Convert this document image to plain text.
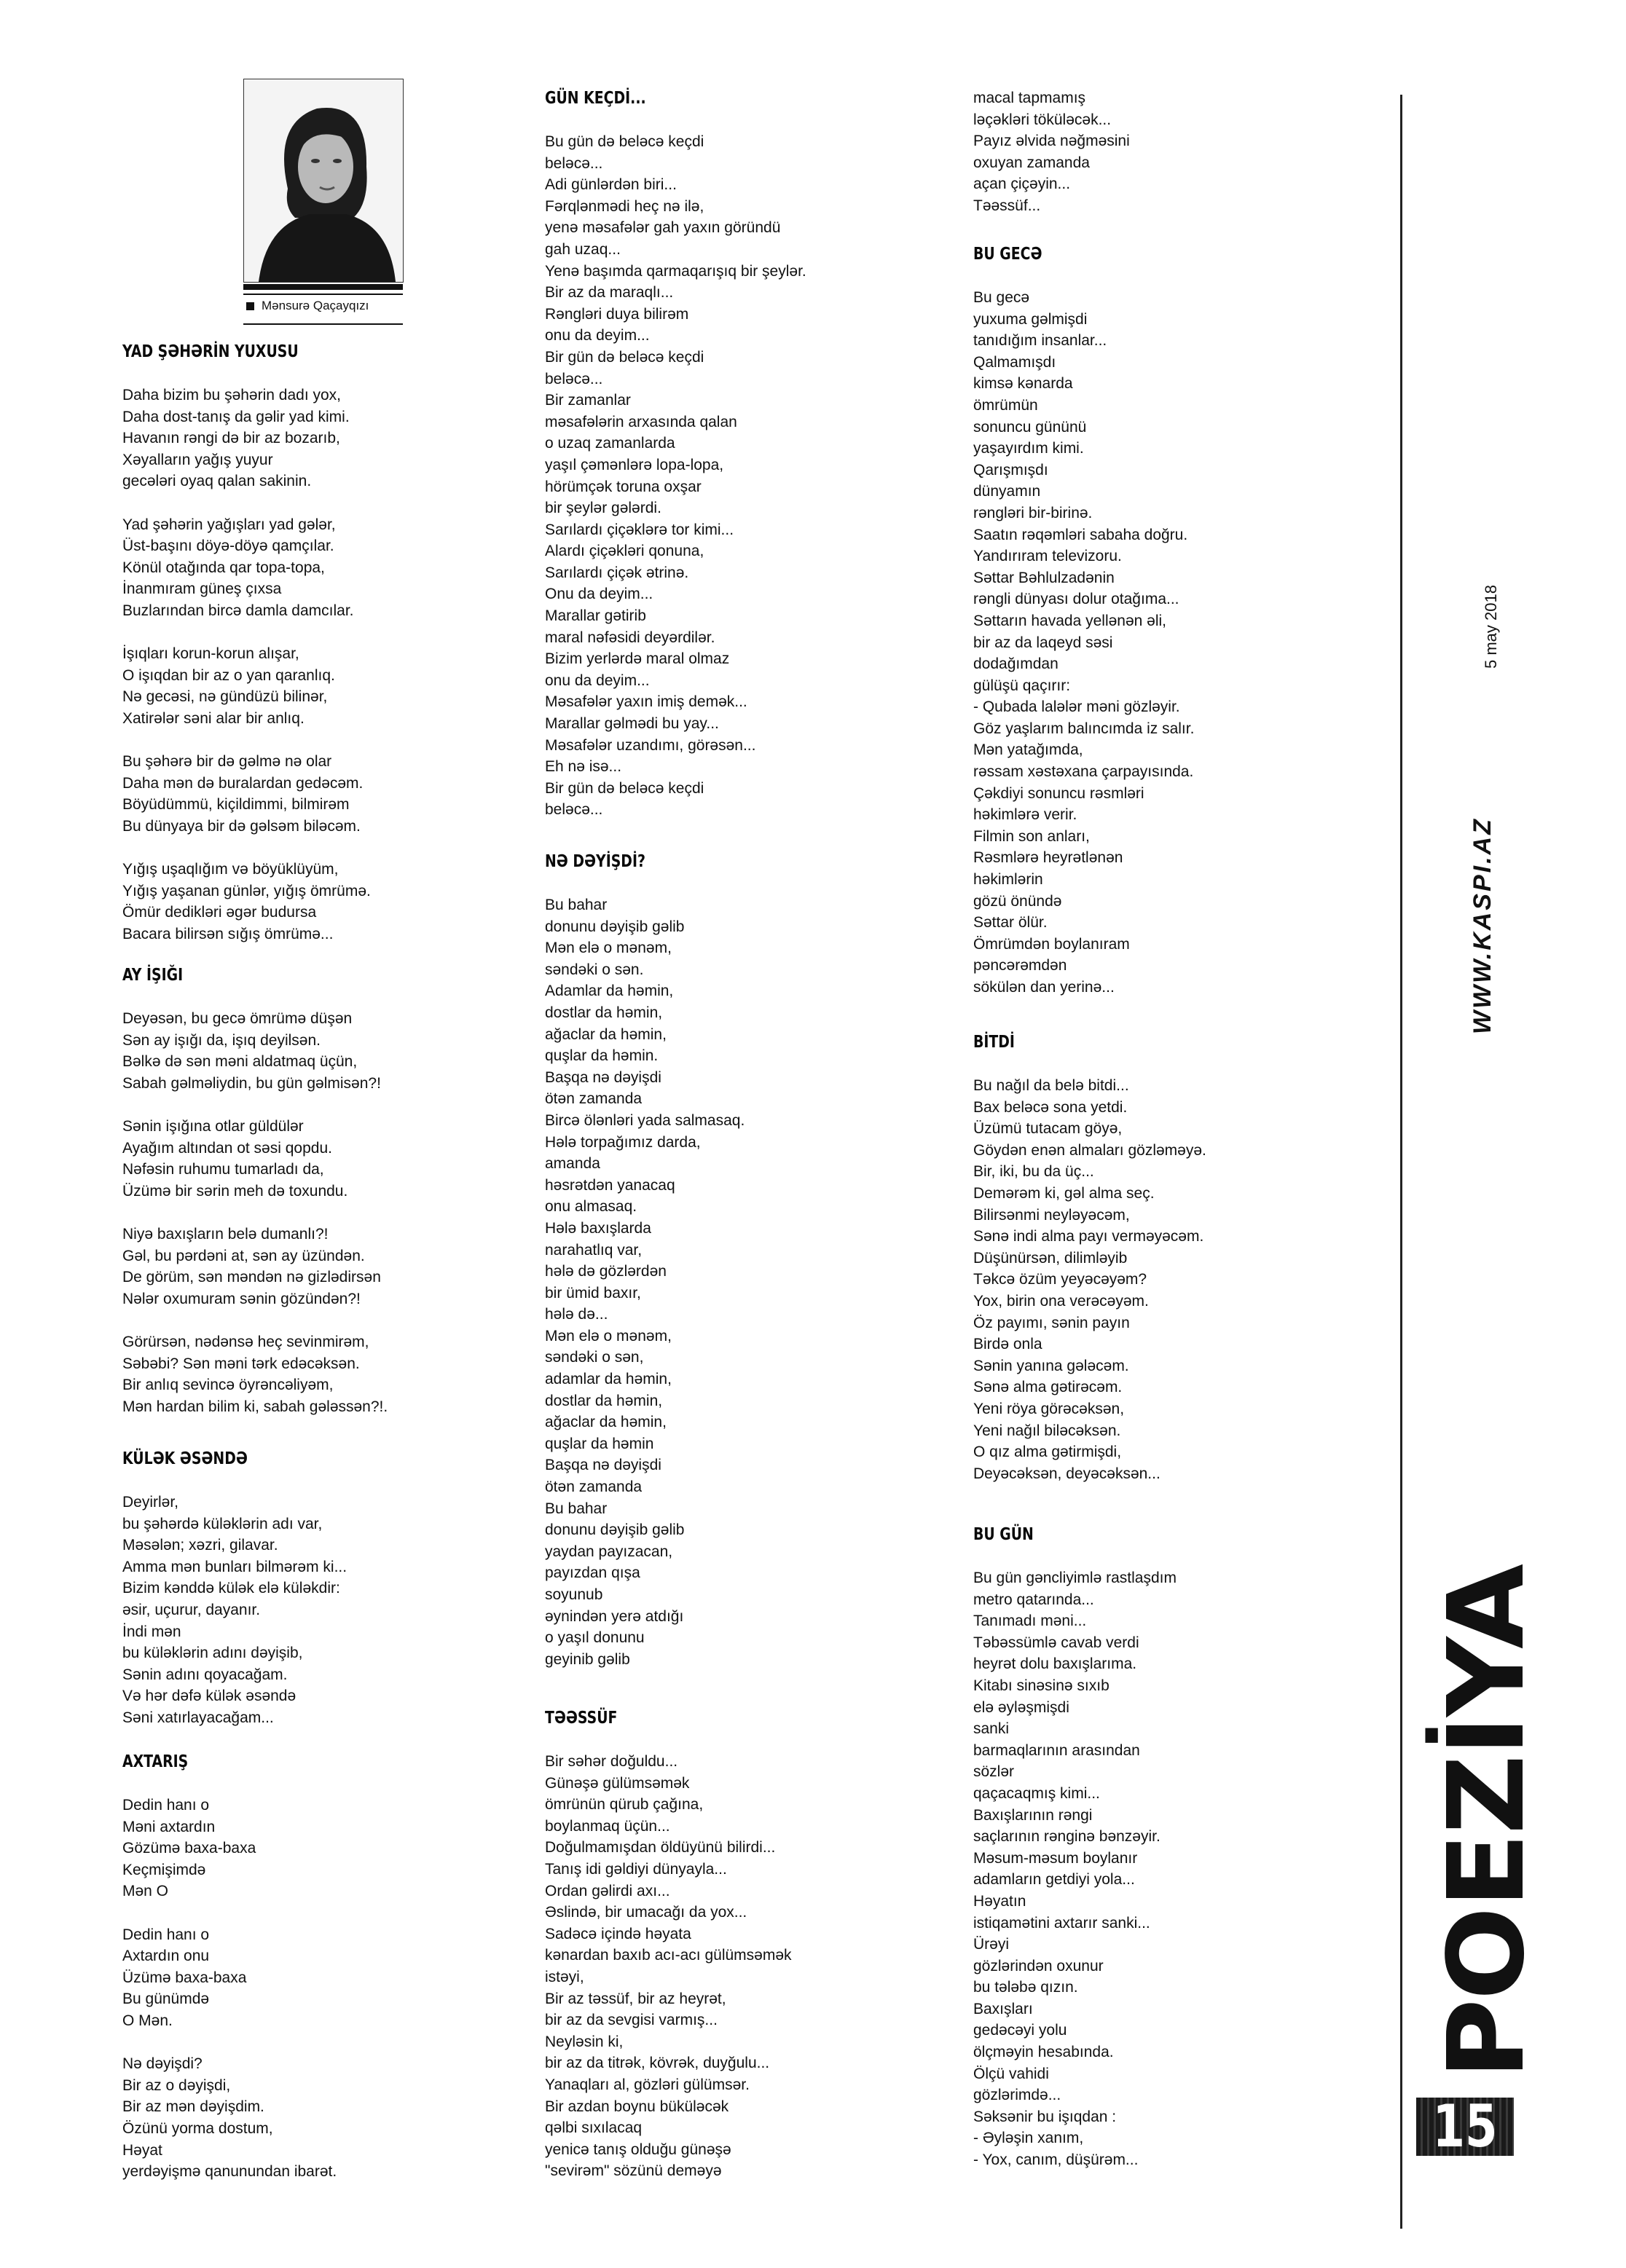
Mənsurə Qaçayqızı
YAD ŞƏHƏRİN YUXUSU
Daha bizim bu şəhərin dadı yox,
Daha dost-tanış da gəlir yad kimi.
Havanın rəngi də bir az bozarıb,
Xəyalların yağış yuyur
gecələri oyaq qalan sakinin.
Yad şəhərin yağışları yad gələr,
Üst-başını döyə-döyə qamçılar.
Könül otağında qar topa-topa,
İnanmıram güneş çıxsa
Buzlarından bircə damla damcılar.
İşıqları korun-korun alışar,
O işıqdan bir az o yan qaranlıq.
Nə gecəsi, nə gündüzü bilinər,
Xatirələr səni alar bir anlıq.
Bu şəhərə bir də gəlmə nə olar
Daha mən də buralardan gedəcəm.
Böyüdümmü, kiçildimmi, bilmirəm
Bu dünyaya bir də gəlsəm biləcəm.
Yığış uşaqlığım və böyüklüyüm,
Yığış yaşanan günlər, yığış ömrümə.
Ömür dedikləri əgər budursa
Bacara bilirsən sığış ömrümə...
AY İŞIĞI
Deyəsən, bu gecə ömrümə düşən
Sən ay işığı da, işıq deyilsən.
Bəlkə də sən məni aldatmaq üçün,
Sabah gəlməliydin, bu gün gəlmisən?!
Sənin işığına otlar güldülər
Ayağım altından ot səsi qopdu.
Nəfəsin ruhumu tumarladı da,
Üzümə bir sərin meh də toxundu.
Niyə baxışların belə dumanlı?!
Gəl, bu pərdəni at, sən ay üzündən.
De görüm, sən məndən nə gizlədirsən
Nələr oxumuram sənin gözündən?!
Görürsən, nədənsə heç sevinmirəm,
Səbəbi? Sən məni tərk edəcəksən.
Bir anlıq sevincə öyrəncəliyəm,
Mən hardan bilim ki, sabah gələssən?!.
KÜLƏK ƏSƏNDƏ
Deyirlər,
bu şəhərdə küləklərin adı var,
Məsələn; xəzri, gilavar.
Amma mən bunları bilmərəm ki...
Bizim kənddə külək elə küləkdir:
əsir, uçurur, dayanır.
İndi mən
bu küləklərin adını dəyişib,
Sənin adını qoyacağam.
Və hər dəfə külək əsəndə
Səni xatırlayacağam...
AXTARIŞ
Dedin hanı o
Məni axtardın
Gözümə baxa-baxa
Keçmişimdə
Mən O
Dedin hanı o
Axtardın onu
Üzümə baxa-baxa
Bu günümdə
O Mən.
Nə dəyişdi?
Bir az o dəyişdi,
Bir az mən dəyişdim.
Özünü yorma dostum,
Həyat
yerdəyişmə qanunundan ibarət.
GÜN KEÇDİ...
Bu gün də beləcə keçdi
beləcə...
Adi günlərdən biri...
Fərqlənmədi heç nə ilə,
yenə məsafələr gah yaxın göründü
gah uzaq...
Yenə başımda qarmaqarışıq bir şeylər.
Bir az da maraqlı...
Rəngləri duya bilirəm
onu da deyim...
Bir gün də beləcə keçdi
beləcə...
Bir zamanlar
məsafələrin arxasında qalan
o uzaq zamanlarda
yaşıl çəmənlərə lopa-lopa,
hörümçək toruna oxşar
bir şeylər gələrdi.
Sarılardı çiçəklərə tor kimi...
Alardı çiçəkləri qonuna,
Sarılardı çiçək ətrinə.
Onu da deyim...
Marallar gətirib
maral nəfəsidi deyərdilər.
Bizim yerlərdə maral olmaz
onu da deyim...
Məsafələr yaxın imiş demək...
Marallar gəlmədi bu yay...
Məsafələr uzandımı, görəsən...
Eh nə isə...
Bir gün də beləcə keçdi
beləcə...
NƏ DƏYİŞDİ?
Bu bahar
donunu dəyişib gəlib
Mən elə o mənəm,
səndəki o sən.
Adamlar da həmin,
dostlar da həmin,
ağaclar da həmin,
quşlar da həmin.
Başqa nə dəyişdi
ötən zamanda
Bircə ölənləri yada salmasaq.
Hələ torpağımız darda,
amanda
həsrətdən yanacaq
onu almasaq.
Hələ baxışlarda
narahatlıq var,
hələ də gözlərdən
bir ümid baxır,
hələ də...
Mən elə o mənəm,
səndəki o sən,
adamlar da həmin,
dostlar da həmin,
ağaclar da həmin,
quşlar da həmin
Başqa nə dəyişdi
ötən zamanda
Bu bahar
donunu dəyişib gəlib
yaydan payızacan,
payızdan qışa
soyunub
əynindən yerə atdığı
o yaşıl donunu
geyinib gəlib
TƏƏSSÜF
Bir səhər doğuldu...
Günəşə gülümsəmək
ömrünün qürub çağına,
boylanmaq üçün...
Doğulmamışdan öldüyünü bilirdi...
Tanış idi gəldiyi dünyayla...
Ordan gəlirdi axı...
Əslində, bir umacağı da yox...
Sadəcə içində həyata
kənardan baxıb acı-acı gülümsəmək
istəyi,
Bir az təssüf, bir az heyrət,
bir az da sevgisi varmış...
Neyləsin ki,
bir az da titrək, kövrək, duyğulu...
Yanaqları al, gözləri gülümsər.
Bir azdan boynu büküləcək
qəlbi sıxılacaq
yenicə tanış olduğu günəşə
"sevirəm" sözünü deməyə
macal tapmamış
ləçəkləri töküləcək...
Payız əlvida nəğməsini
oxuyan zamanda
açan çiçəyin...
Təəssüf...
BU GECƏ
Bu gecə
yuxuma gəlmişdi
tanıdığım insanlar...
Qalmamışdı
kimsə kənarda
ömrümün
sonuncu gününü
yaşayırdım kimi.
Qarışmışdı
dünyamın
rəngləri bir-birinə.
Saatın rəqəmləri sabaha doğru.
Yandırıram televizoru.
Səttar Bəhlulzadənin
rəngli dünyası dolur otağıma...
Səttarın havada yellənən əli,
bir az da laqeyd səsi
dodağımdan
gülüşü qaçırır:
- Qubada lalələr məni gözləyir.
Göz yaşlarım balıncımda iz salır.
Mən yatağımda,
rəssam xəstəxana çarpayısında.
Çəkdiyi sonuncu rəsmləri
həkimlərə verir.
Filmin son anları,
Rəsmlərə heyrətlənən
həkimlərin
gözü önündə
Səttar ölür.
Ömrümdən boylanıram
pəncərəmdən
sökülən dan yerinə...
BİTDİ
Bu nağıl da belə bitdi...
Bax beləcə sona yetdi.
Üzümü tutacam göyə,
Göydən enən almaları gözləməyə.
Bir, iki, bu da üç...
Dеmərəm ki, gəl alma seç.
Bilirsənmi neyləyəcəm,
Sənə indi alma payı verməyəcəm.
Düşünürsən, dilimləyib
Təkcə özüm yeyəcəyəm?
Yox, birin ona verəcəyəm.
Öz payımı, sənin payın
Birdə onla
Sənin yanına gələcəm.
Sənə alma gətirəcəm.
Yeni röya görəcəksən,
Yeni nağıl biləcəksən.
O qız alma gətirmişdi,
Deyəcəksən, deyəcəksən...
BU GÜN
Bu gün gəncliyimlə rastlaşdım
metro qatarında...
Tanımadı məni...
Təbəssümlə cavab verdi
heyrət dolu baxışlarıma.
Kitabı sinəsinə sıxıb
elə əyləşmişdi
sanki
barmaqlarının arasından
sözlər
qaçacaqmış kimi...
Baxışlarının rəngi
saçlarının rənginə bənzəyir.
Məsum-məsum boylanır
adamların getdiyi yola...
Həyatın
istiqamətini axtarır sanki...
Ürəyi
gözlərindən oxunur
bu tələbə qızın.
Baxışları
gedəcəyi yolu
ölçməyin hesabında.
Ölçü vahidi
gözlərimdə...
Səksənir bu işıqdan :
- Əyləşin xanım,
- Yox, canım, düşürəm...
5 may 2018
WWW.KASPI.AZ
POEZİYA
15
